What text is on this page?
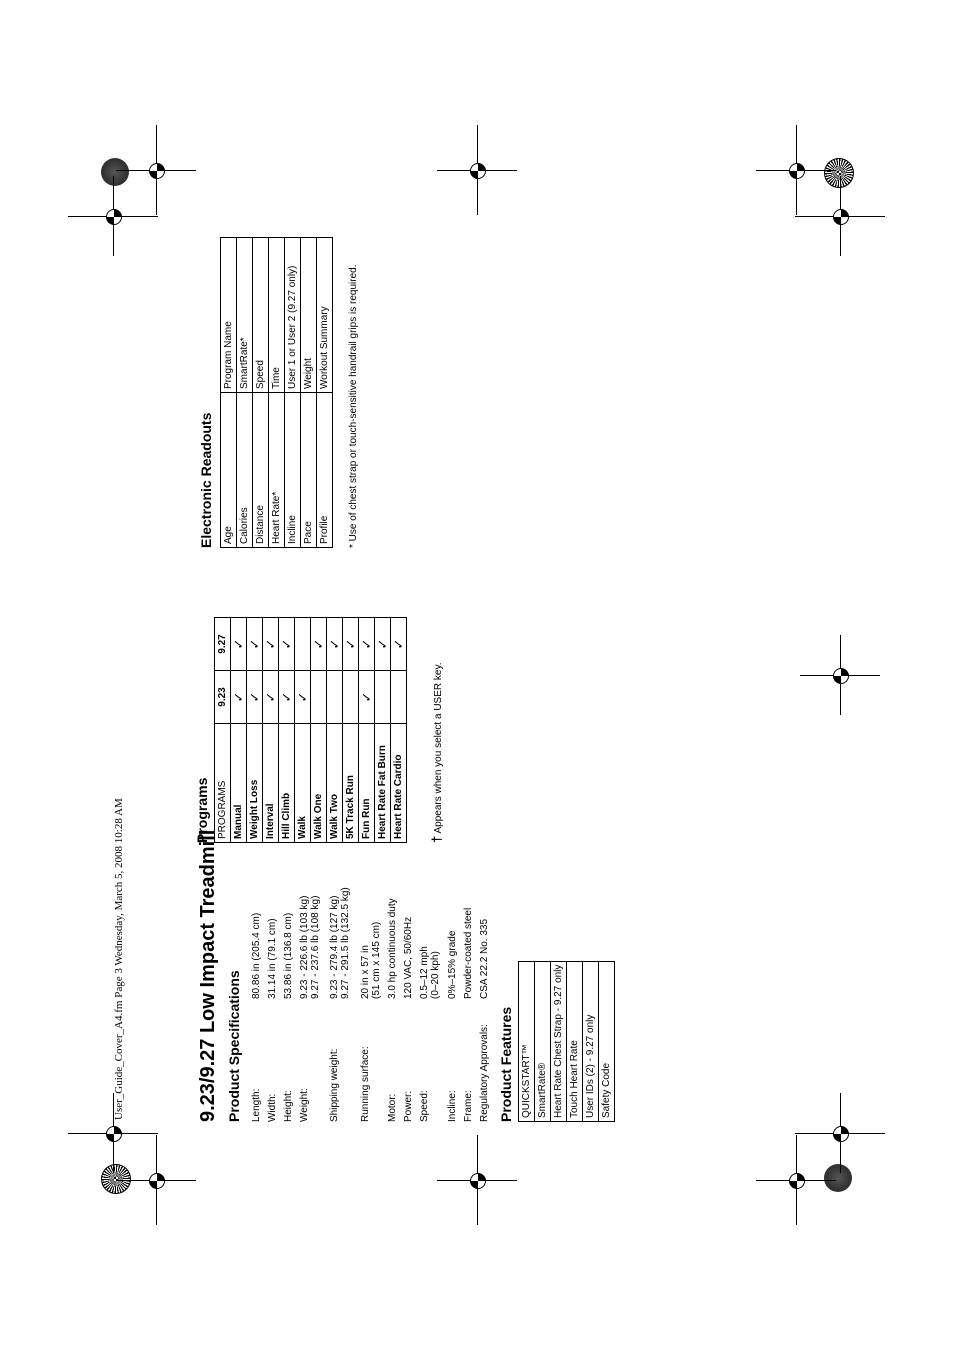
User_Guide_Cover_A4.fm Page 3 Wednesday, March 5, 2008 10:28 AM	9.23/9.27 Low Impact Treadmill Product Specifications Length:
80.86 in (205.4 cm)
Width:
31.14 in (79.1 cm)
Height:
53.86 in (136.8 cm)
Weight:
9.23 - 226.6 lb (103 kg) 9.27 - 237.6 lb (108 kg)
Shipping weight:
9.23 - 279.4 lb (127 kg) 9.27 - 291.5 lb (132.5 kg)
Running surface:
20 in x 57 in (51 cm x 145 cm)
Motor:
3.0 hp continuous duty
Power:
120 VAC, 50/60Hz
Speed:
0.5–12 mph (0–20 kph)
Incline:
0%–15% grade
Frame:
Powder-coated steel
Regulatory Approvals:
CSA 22.2 No. 335
Product Features QUICKSTART™
SmartRate®
Heart Rate Chest Strap - 9.27 only
Touch Heart Rate
User IDs (2) - 9.27 only
Safety Code
Programs PROGRAMS	9.23	9.27
Manual	✓	✓
Weight Loss	✓	✓
Interval	✓	✓
Hill Climb	✓	✓
Walk	✓	
Walk One		✓
Walk Two		✓
5K Track Run		✓
Fun Run	✓	✓
Heart Rate Fat Burn		✓
Heart Rate Cardio		✓
† Appears when you select a USER key.
Electronic Readouts Age	Program Name
Calories	SmartRate*
Distance	Speed
Heart Rate*	Time
Incline	User 1 or User 2 (9.27 only)
Pace	Weight
Profile	Workout Summary * Use of chest strap or touch-sensitive handrail grips is required.
